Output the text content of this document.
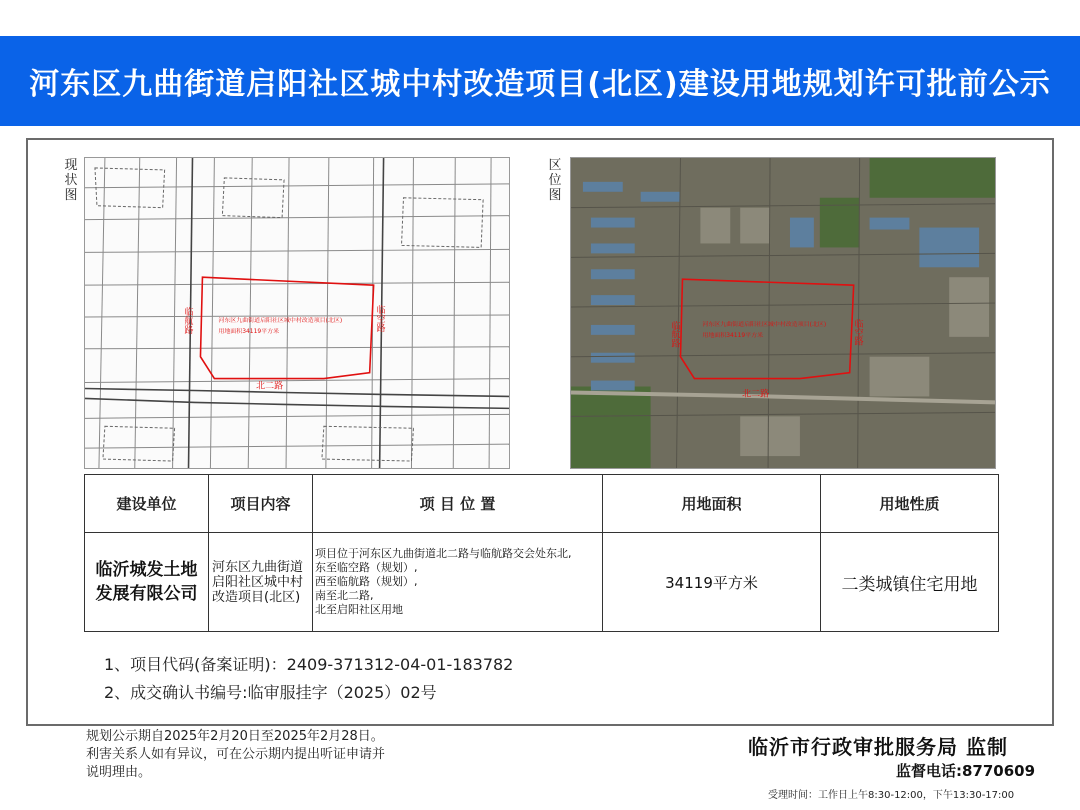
河东区九曲街道启阳社区城中村改造项目(北区)建设用地规划许可批前公示
现状图
区位图
河东区九曲街道启阳社区城中村改造项目(北区)
用地面积34119平方米
临航路	临空路
北二路
河东区九曲街道启阳社区城中村改造项目(北区)
用地面积34119平方米
临航路	临空路
北二路
建设单位	项目内容	项 目 位 置	用地面积	用地性质
临沂城发土地发展有限公司	河东区九曲街道启阳社区城中村改造项目(北区)	项目位于河东区九曲街道北二路与临航路交会处东北,
东至临空路（规划）,
西至临航路（规划）,
南至北二路,
北至启阳社区用地	34119平方米	二类城镇住宅用地
1、项目代码(备案证明)：2409-371312-04-01-183782
2、成交确认书编号:临审服挂字（2025）02号
规划公示期自2025年2月20日至2025年2月28日。
利害关系人如有异议，可在公示期内提出听证申请并
说明理由。
临沂市行政审批服务局 监制
监督电话:8770609
受理时间：工作日上午8:30-12:00，下午13:30-17:00
